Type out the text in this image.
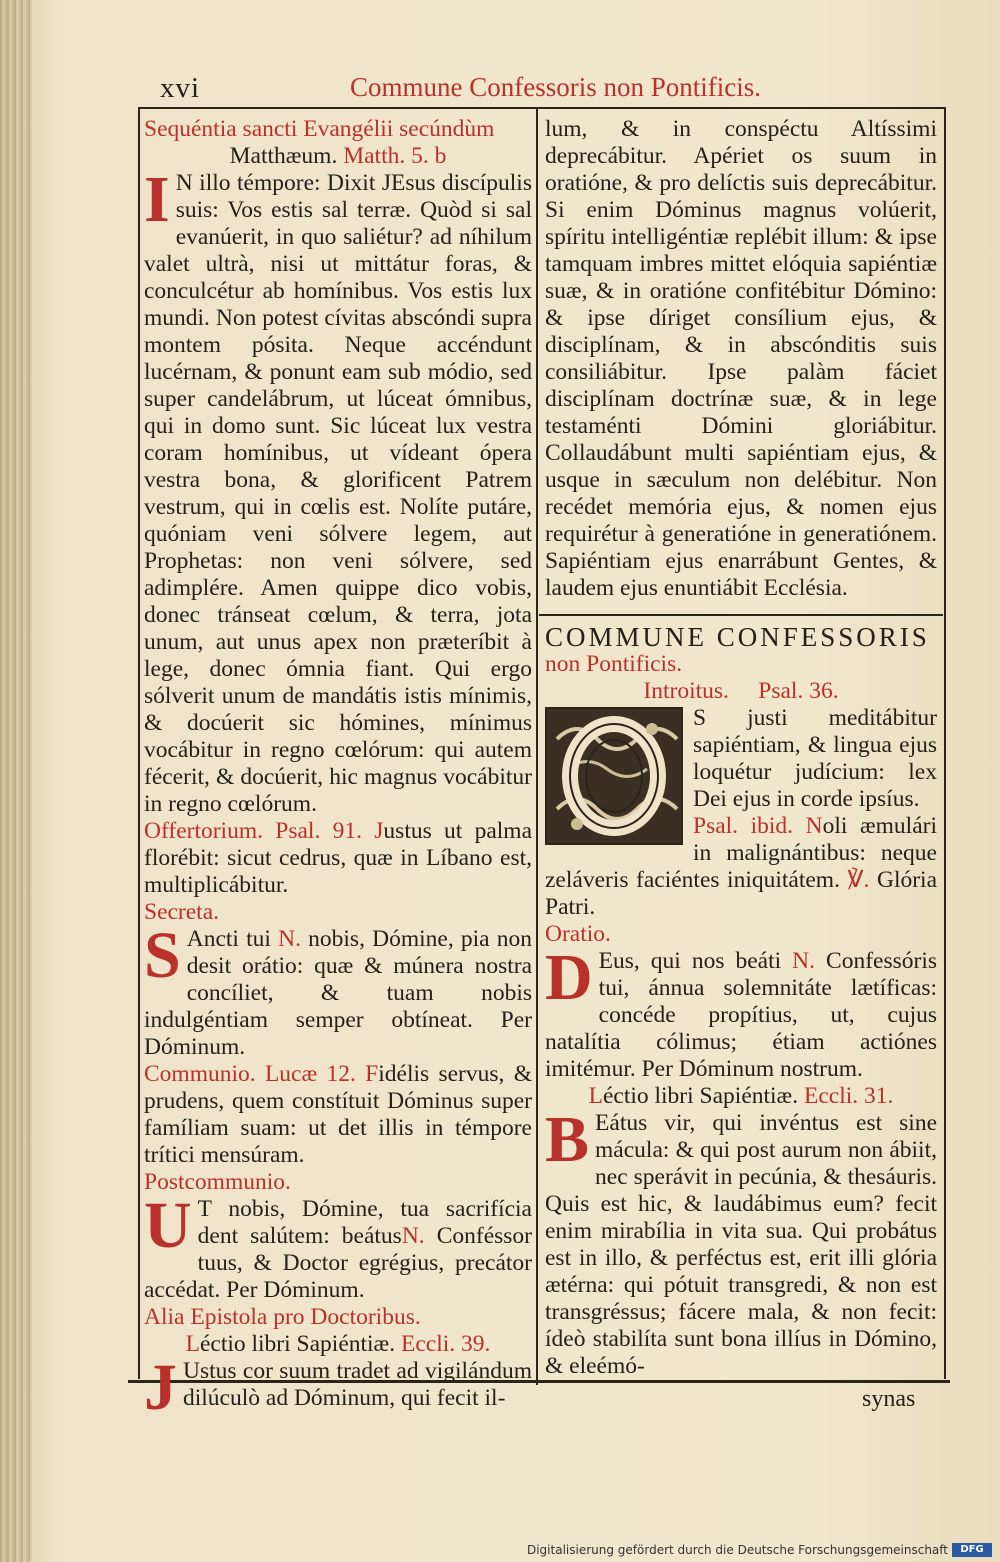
xvi	Commune Confessoris non Pontificis.

Sequéntia sancti Evangélii secúndùm

Matthæum. Matth. 5. b

I N illo témpore: Dixit JEsus discípulis suis: Vos estis sal terræ. Quòd si sal evanúerit, in quo saliétur? ad níhilum valet ultrà, nisi ut mittátur foras, & conculcétur ab homínibus. Vos estis lux mundi. Non potest cívitas abscóndi supra montem pósita. Neque accéndunt lucérnam, & ponunt eam sub módio, sed super candelábrum, ut lúceat ómnibus, qui in domo sunt. Sic lúceat lux vestra coram homínibus, ut vídeant ópera vestra bona, & glorificent Patrem vestrum, qui in cœlis est. Nolíte putáre, quóniam veni sólvere legem, aut Prophetas: non veni sólvere, sed adimplére. Amen quippe dico vobis, donec tránseat cœlum, & terra, jota unum, aut unus apex non præteríbit à lege, donec ómnia fiant. Qui ergo sólverit unum de mandátis istis mínimis, & docúerit sic hómines, mínimus vocábitur in regno cœlórum: qui autem fécerit, & docúerit, hic magnus vocábitur in regno cœlórum.

Offertorium. Psal. 91. Justus ut palma florébit: sicut cedrus, quæ in Líbano est, multiplicábitur.

Secreta.

S Ancti tui N. nobis, Dómine, pia non desit orátio: quæ & múnera nostra concíliet, & tuam nobis indulgéntiam semper obtíneat. Per Dóminum.

Communio. Lucæ 12. Fidélis servus, & prudens, quem constítuit Dóminus super famíliam suam: ut det illis in témpore trítici mensúram.

Postcommunio.

U T nobis, Dómine, tua sacrifícia dent salútem: beátusN. Conféssor tuus, & Doctor egrégius, precátor accédat. Per Dóminum.

Alia Epistola pro Doctoribus.

Léctio libri Sapiéntiæ. Eccli. 39.

J Ustus cor suum tradet ad vigilándum dilúculò ad Dóminum, qui fecit il-

lum, & in conspéctu Altíssimi deprecábitur. Apériet os suum in oratióne, & pro delíctis suis deprecábitur. Si enim Dóminus magnus volúerit, spíritu intelligéntiæ replébit illum: & ipse tamquam imbres mittet elóquia sapiéntiæ suæ, & in oratióne confitébitur Dómino: & ipse díriget consílium ejus, & disciplínam, & in abscónditis suis consiliábitur. Ipse palàm fáciet disciplínam doctrínæ suæ, & in lege testaménti Dómini gloriábitur. Collaudábunt multi sapiéntiam ejus, & usque in sæculum non delébitur. Non recédet memória ejus, & nomen ejus requirétur à generatióne in generatiónem. Sapiéntiam ejus enarrábunt Gentes, & laudem ejus enuntiábit Ecclésia.

COMMUNE CONFESSORIS

non Pontificis.

Introitus. Psal. 36.

S justi meditábitur sapiéntiam, & lingua ejus loquétur judícium: lex Dei ejus in corde ipsíus.

Psal. ibid. Noli æmulári in malignántibus: neque zeláveris faciéntes iniquitátem. ℣. Glória Patri.

Oratio.

D Eus, qui nos beáti N. Confessóris tui, ánnua solemnitáte lætíficas: concéde propítius, ut, cujus natalítia cólimus; étiam actiónes imitémur. Per Dóminum nostrum.

Léctio libri Sapiéntiæ. Eccli. 31.

B Eátus vir, qui invéntus est sine mácula: & qui post aurum non ábiit, nec sperávit in pecúnia, & thesáuris. Quis est hic, & laudábimus eum? fecit enim mirabília in vita sua. Qui probátus est in illo, & perféctus est, erit illi glória ætérna: qui pótuit transgredi, & non est transgréssus; fácere mala, & non fecit: ídeò stabilíta sunt bona illíus in Dómino, & eleémó-

synas
Digitalisierung gefördert durch die Deutsche Forschungsgemeinschaft	DFG
